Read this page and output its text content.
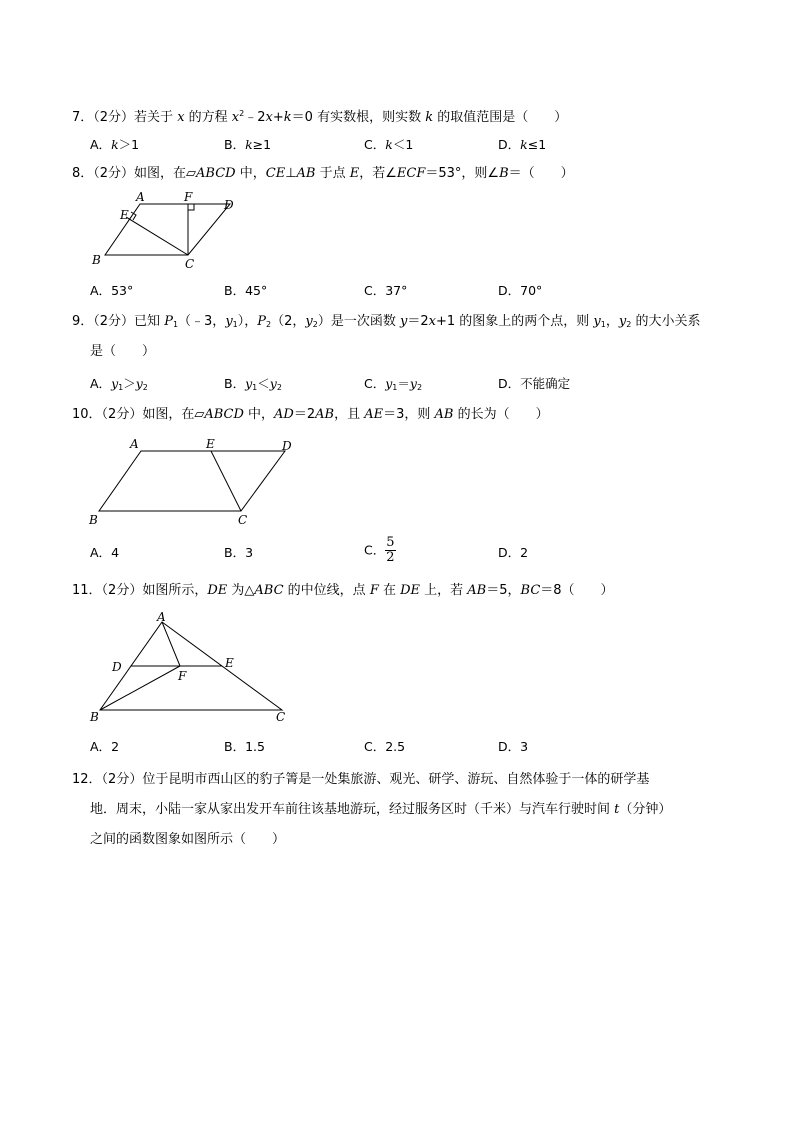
7．（2分）若关于 x 的方程 $x^2﹣2x+k=0$ 有实数根，则实数 k 的取值范围是（　　）
A．k＞1	B．k≥1	C．k＜1	D．k≤1
8．（2分）如图，在▱ABCD 中，CE⊥AB 于点 E，若∠ECF＝53°，则∠B＝（　　）
A	F
D
E
B	C
A．53°	B．45°	C．37°	D．70°
9．（2分）已知 $P_1(﹣3$，$y_1$），$P_2(2$，$y_2$）是一次函数 y＝2x+1 的图象上的两个点，则 $y_1$，$y_2$ 的大小关系
是（　　）
A．$y_1>y_2$	B．$y_1<y_2$	C．$y_1=y_2$	D．不能确定
10．（2分）如图，在▱ABCD 中，AD＝2AB，且 AE＝3，则 AB 的长为（　　）
A	E	D
B	C
A．4	B．3	C． $\frac{5}{2}$	D．2
11．（2分）如图所示，DE 为△ABC 的中位线，点 F 在 DE 上，若 AB＝5，BC＝8（　　）
A
D	E
F
B	C
A．2	B．1.5	C．2.5	D．3
12．（2分）位于昆明市西山区的豹子箐是一处集旅游、观光、研学、游玩、自然体验于一体的研学基
地．周末，小陆一家从家出发开车前往该基地游玩，经过服务区时（千米）与汽车行驶时间 t（分钟）
之间的函数图象如图所示（　　）
